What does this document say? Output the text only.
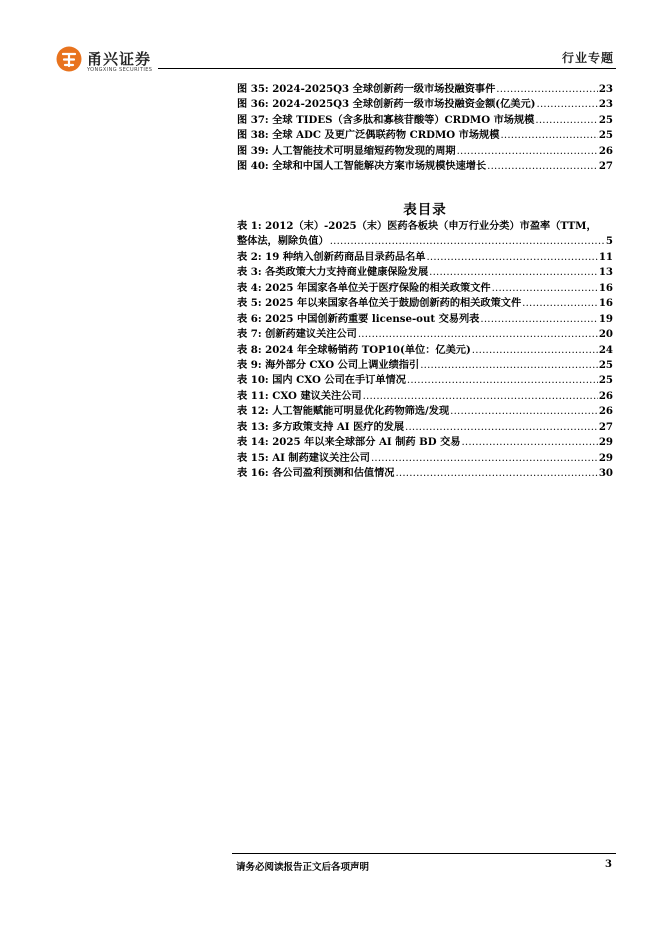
甬兴证券
YONGXING SECURITIES
行业专题
图 35: 2024-2025Q3 全球创新药一级市场投融资事件 .....	23
图 36: 2024-2025Q3 全球创新药一级市场投融资金额(亿美元) .....	23
图 37: 全球 TIDES（含多肽和寡核苷酸等）CRDMO 市场规模 .....	25
图 38: 全球 ADC 及更广泛偶联药物 CRDMO 市场规模 .....	25
图 39: 人工智能技术可明显缩短药物发现的周期 .....	26
图 40: 全球和中国人工智能解决方案市场规模快速增长 .....	27
表目录
表 1: 2012（末）-2025（末）医药各板块（申万行业分类）市盈率（TTM，
整体法，剔除负值） .....	5
表 2: 19 种纳入创新药商品目录药品名单 .....	11
表 3: 各类政策大力支持商业健康保险发展 .....	13
表 4: 2025 年国家各单位关于医疗保险的相关政策文件 .....	16
表 5: 2025 年以来国家各单位关于鼓励创新药的相关政策文件 .....	16
表 6: 2025 中国创新药重要 license-out 交易列表 .....	19
表 7: 创新药建议关注公司 .....	20
表 8: 2024 年全球畅销药 TOP10(单位：亿美元) .....	24
表 9: 海外部分 CXO 公司上调业绩指引 .....	25
表 10: 国内 CXO 公司在手订单情况 .....	25
表 11: CXO 建议关注公司 .....	26
表 12: 人工智能赋能可明显优化药物筛选/发现 .....	26
表 13: 多方政策支持 AI 医疗的发展 .....	27
表 14: 2025 年以来全球部分 AI 制药 BD 交易 .....	29
表 15: AI 制药建议关注公司 .....	29
表 16: 各公司盈利预测和估值情况 .....	30
请务必阅读报告正文后各项声明	3
